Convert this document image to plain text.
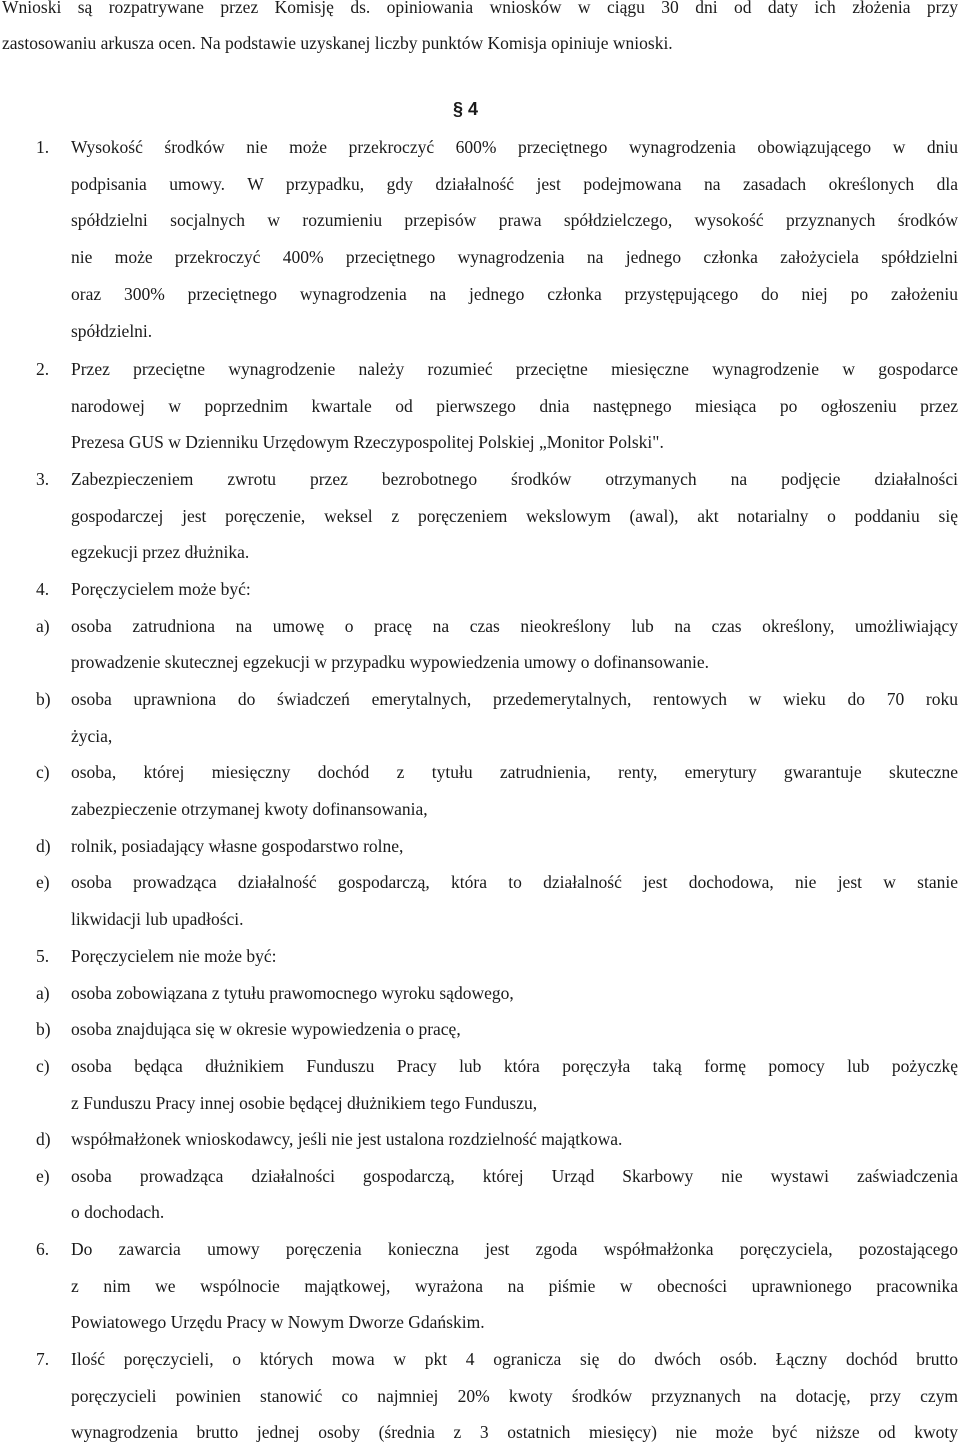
Wnioski są rozpatrywane przez Komisję ds. opiniowania wniosków w ciągu 30 dni od daty ich złożenia przy
zastosowaniu arkusza ocen. Na podstawie uzyskanej liczby punktów Komisja opiniuje wnioski.
§ 4
1. Wysokość środków nie może przekroczyć 600% przeciętnego wynagrodzenia obowiązującego w dniu
podpisania umowy. W przypadku, gdy działalność jest podejmowana na zasadach określonych dla
spółdzielni socjalnych w rozumieniu przepisów prawa spółdzielczego, wysokość przyznanych środków
nie może przekroczyć 400% przeciętnego wynagrodzenia na jednego członka założyciela spółdzielni
oraz 300% przeciętnego wynagrodzenia na jednego członka przystępującego do niej po założeniu
spółdzielni.
2. Przez przeciętne wynagrodzenie należy rozumieć przeciętne miesięczne wynagrodzenie w gospodarce
narodowej w poprzednim kwartale od pierwszego dnia następnego miesiąca po ogłoszeniu przez
Prezesa GUS w Dzienniku Urzędowym Rzeczypospolitej Polskiej „Monitor Polski".
3. Zabezpieczeniem zwrotu przez bezrobotnego środków otrzymanych na podjęcie działalności
gospodarczej jest poręczenie, weksel z poręczeniem wekslowym (awal), akt notarialny o poddaniu się
egzekucji przez dłużnika.
4. Poręczycielem może być:
a) osoba zatrudniona na umowę o pracę na czas nieokreślony lub na czas określony, umożliwiający
prowadzenie skutecznej egzekucji w przypadku wypowiedzenia umowy o dofinansowanie.
b) osoba uprawniona do świadczeń emerytalnych, przedemerytalnych, rentowych w wieku do 70 roku
życia,
c) osoba, której miesięczny dochód z tytułu zatrudnienia, renty, emerytury gwarantuje skuteczne
zabezpieczenie otrzymanej kwoty dofinansowania,
d) rolnik, posiadający własne gospodarstwo rolne,
e) osoba prowadząca działalność gospodarczą, która to działalność jest dochodowa, nie jest w stanie
likwidacji lub upadłości.
5. Poręczycielem nie może być:
a) osoba zobowiązana z tytułu prawomocnego wyroku sądowego,
b) osoba znajdująca się w okresie wypowiedzenia o pracę,
c) osoba będąca dłużnikiem Funduszu Pracy lub która poręczyła taką formę pomocy lub pożyczkę
z Funduszu Pracy innej osobie będącej dłużnikiem tego Funduszu,
d) współmałżonek wnioskodawcy, jeśli nie jest ustalona rozdzielność majątkowa.
e) osoba prowadząca działalności gospodarczą, której Urząd Skarbowy nie wystawi zaświadczenia
o dochodach.
6. Do zawarcia umowy poręczenia konieczna jest zgoda współmałżonka poręczyciela, pozostającego
z nim we wspólnocie majątkowej, wyrażona na piśmie w obecności uprawnionego pracownika
Powiatowego Urzędu Pracy w Nowym Dworze Gdańskim.
7. Ilość poręczycieli, o których mowa w pkt 4 ogranicza się do dwóch osób. Łączny dochód brutto
poręczycieli powinien stanowić co najmniej 20% kwoty środków przyznanych na dotację, przy czym
wynagrodzenia brutto jednej osoby (średnia z 3 ostatnich miesięcy) nie może być niższe od kwoty
